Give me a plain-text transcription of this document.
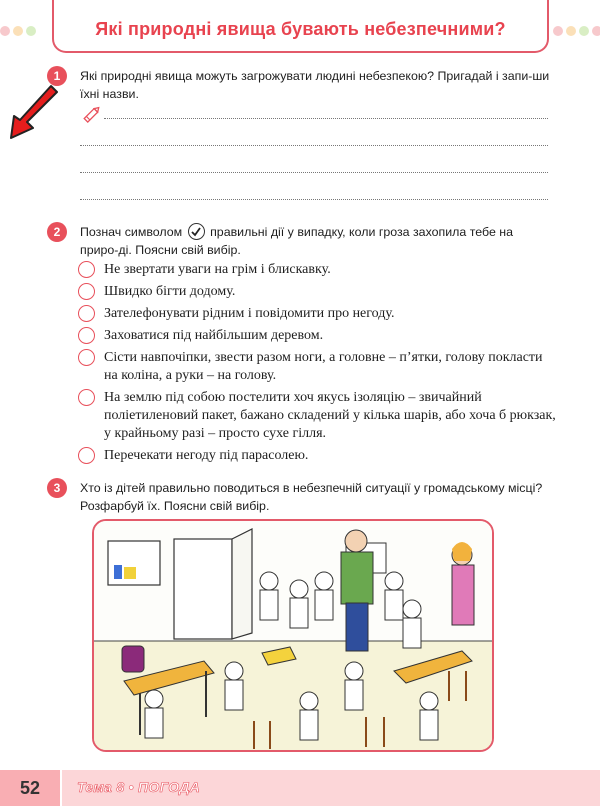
Які природні явища бувають небезпечними?
1	Які природні явища можуть загрожувати людині небезпекою? Пригадай і запи-ши їхні назви.
2	Познач символом правильні дії у випадку, коли гроза захопила тебе на приро-ді. Поясни свій вибір.
Не звертати уваги на грім і блискавку.
Швидко бігти додому.
Зателефонувати рідним і повідомити про негоду.
Заховатися під найбільшим деревом.
Сісти навпочіпки, звести разом ноги, а головне – п’ятки, голову покласти на коліна, а руки – на голову.
На землю під собою постелити хоч якусь ізоляцію – звичайний поліетиленовий пакет, бажано складений у кілька шарів, або хоча б рюкзак, у крайньому разі – просто сухе гілля.
Перечекати негоду під парасолею.
3	Хто із дітей правильно поводиться в небезпечній ситуації у громадському місці? Розфарбуй їх. Поясни свій вибір.
52	Тема 8 • ПОГОДА
